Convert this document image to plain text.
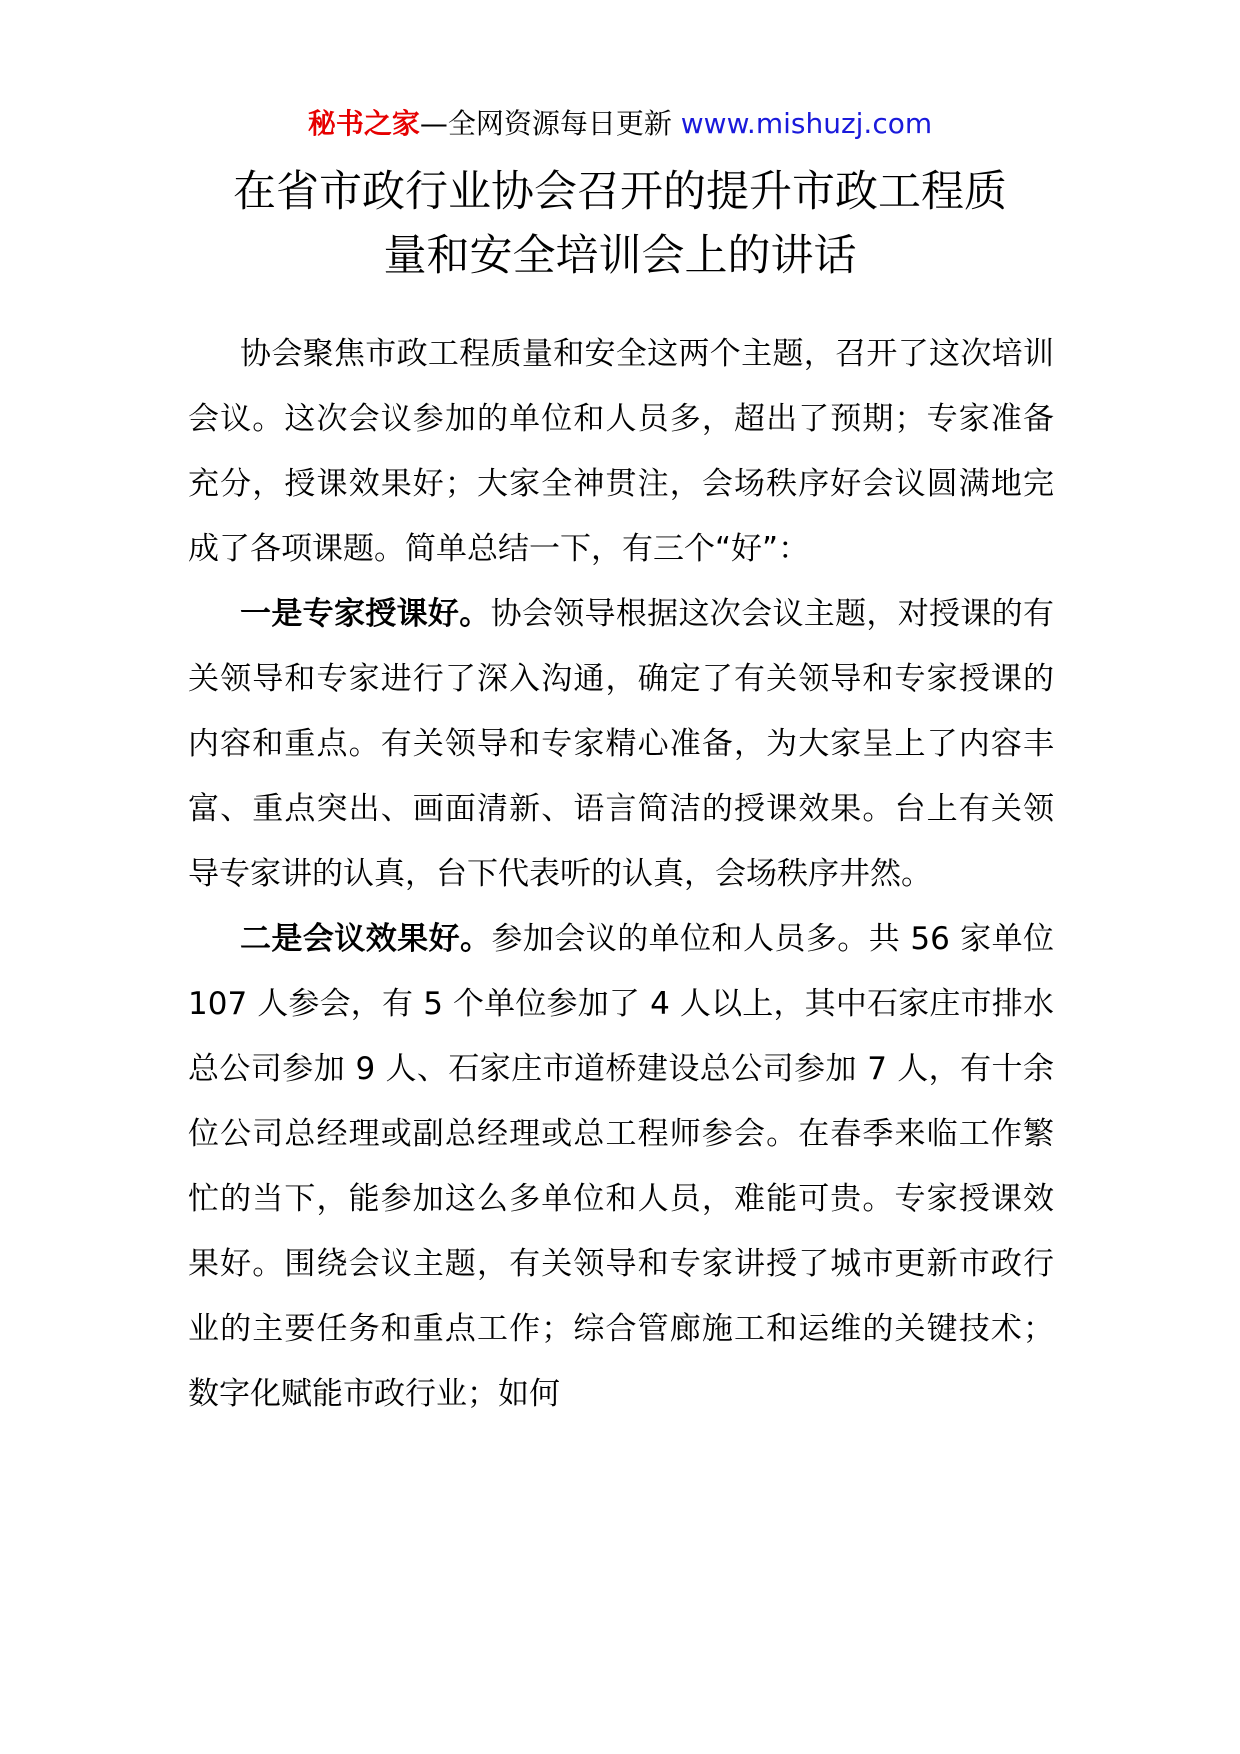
秘书之家—全网资源每日更新 www.mishuzj.com
在省市政行业协会召开的提升市政工程质
量和安全培训会上的讲话

协会聚焦市政工程质量和安全这两个主题，召开了这次培训会议。这次会议参加的单位和人员多，超出了预期；专家准备充分，授课效果好；大家全神贯注，会场秩序好会议圆满地完成了各项课题。简单总结一下，有三个“好”：

一是专家授课好。协会领导根据这次会议主题，对授课的有关领导和专家进行了深入沟通，确定了有关领导和专家授课的内容和重点。有关领导和专家精心准备，为大家呈上了内容丰富、重点突出、画面清新、语言简洁的授课效果。台上有关领导专家讲的认真，台下代表听的认真，会场秩序井然。

二是会议效果好。参加会议的单位和人员多。共 56 家单位 107 人参会，有 5 个单位参加了 4 人以上，其中石家庄市排水总公司参加 9 人、石家庄市道桥建设总公司参加 7 人，有十余位公司总经理或副总经理或总工程师参会。在春季来临工作繁忙的当下，能参加这么多单位和人员，难能可贵。专家授课效果好。围绕会议主题，有关领导和专家讲授了城市更新市政行业的主要任务和重点工作；综合管廊施工和运维的关键技术；数字化赋能市政行业；如何
